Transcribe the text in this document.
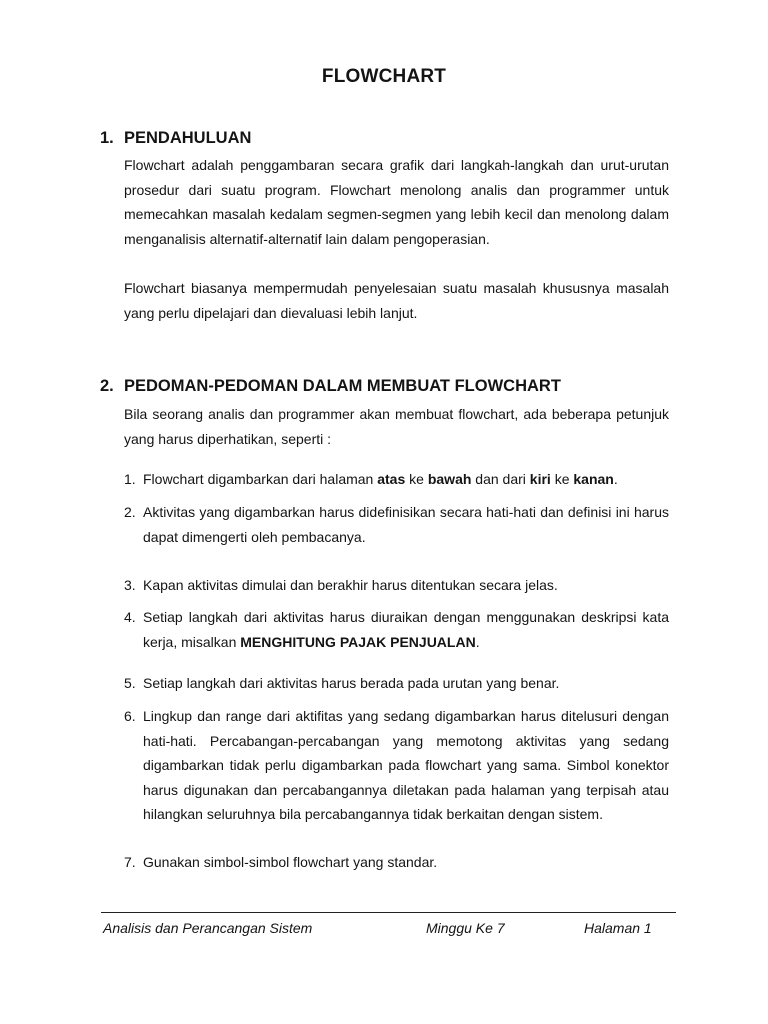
FLOWCHART
1. PENDAHULUAN
Flowchart adalah penggambaran secara grafik dari langkah-langkah dan urut-urutan prosedur dari suatu program. Flowchart menolong analis dan programmer untuk memecahkan masalah kedalam segmen-segmen yang lebih kecil dan menolong dalam menganalisis alternatif-alternatif lain dalam pengoperasian.
Flowchart biasanya mempermudah penyelesaian suatu masalah khususnya masalah yang perlu dipelajari dan dievaluasi lebih lanjut.
2. PEDOMAN-PEDOMAN DALAM MEMBUAT FLOWCHART
Bila seorang analis dan programmer akan membuat flowchart, ada beberapa petunjuk yang harus diperhatikan, seperti :
1. Flowchart digambarkan dari halaman atas ke bawah dan dari kiri ke kanan.
2. Aktivitas yang digambarkan harus didefinisikan secara hati-hati dan definisi ini harus dapat dimengerti oleh pembacanya.
3. Kapan aktivitas dimulai dan berakhir harus ditentukan secara jelas.
4. Setiap langkah dari aktivitas harus diuraikan dengan menggunakan deskripsi kata kerja, misalkan MENGHITUNG PAJAK PENJUALAN.
5. Setiap langkah dari aktivitas harus berada pada urutan yang benar.
6. Lingkup dan range dari aktifitas yang sedang digambarkan harus ditelusuri dengan hati-hati. Percabangan-percabangan yang memotong aktivitas yang sedang digambarkan tidak perlu digambarkan pada flowchart yang sama. Simbol konektor harus digunakan dan percabangannya diletakan pada halaman yang terpisah atau hilangkan seluruhnya bila percabangannya tidak berkaitan dengan sistem.
7. Gunakan simbol-simbol flowchart yang standar.
Analisis dan Perancangan Sistem	Minggu Ke 7	Halaman 1
